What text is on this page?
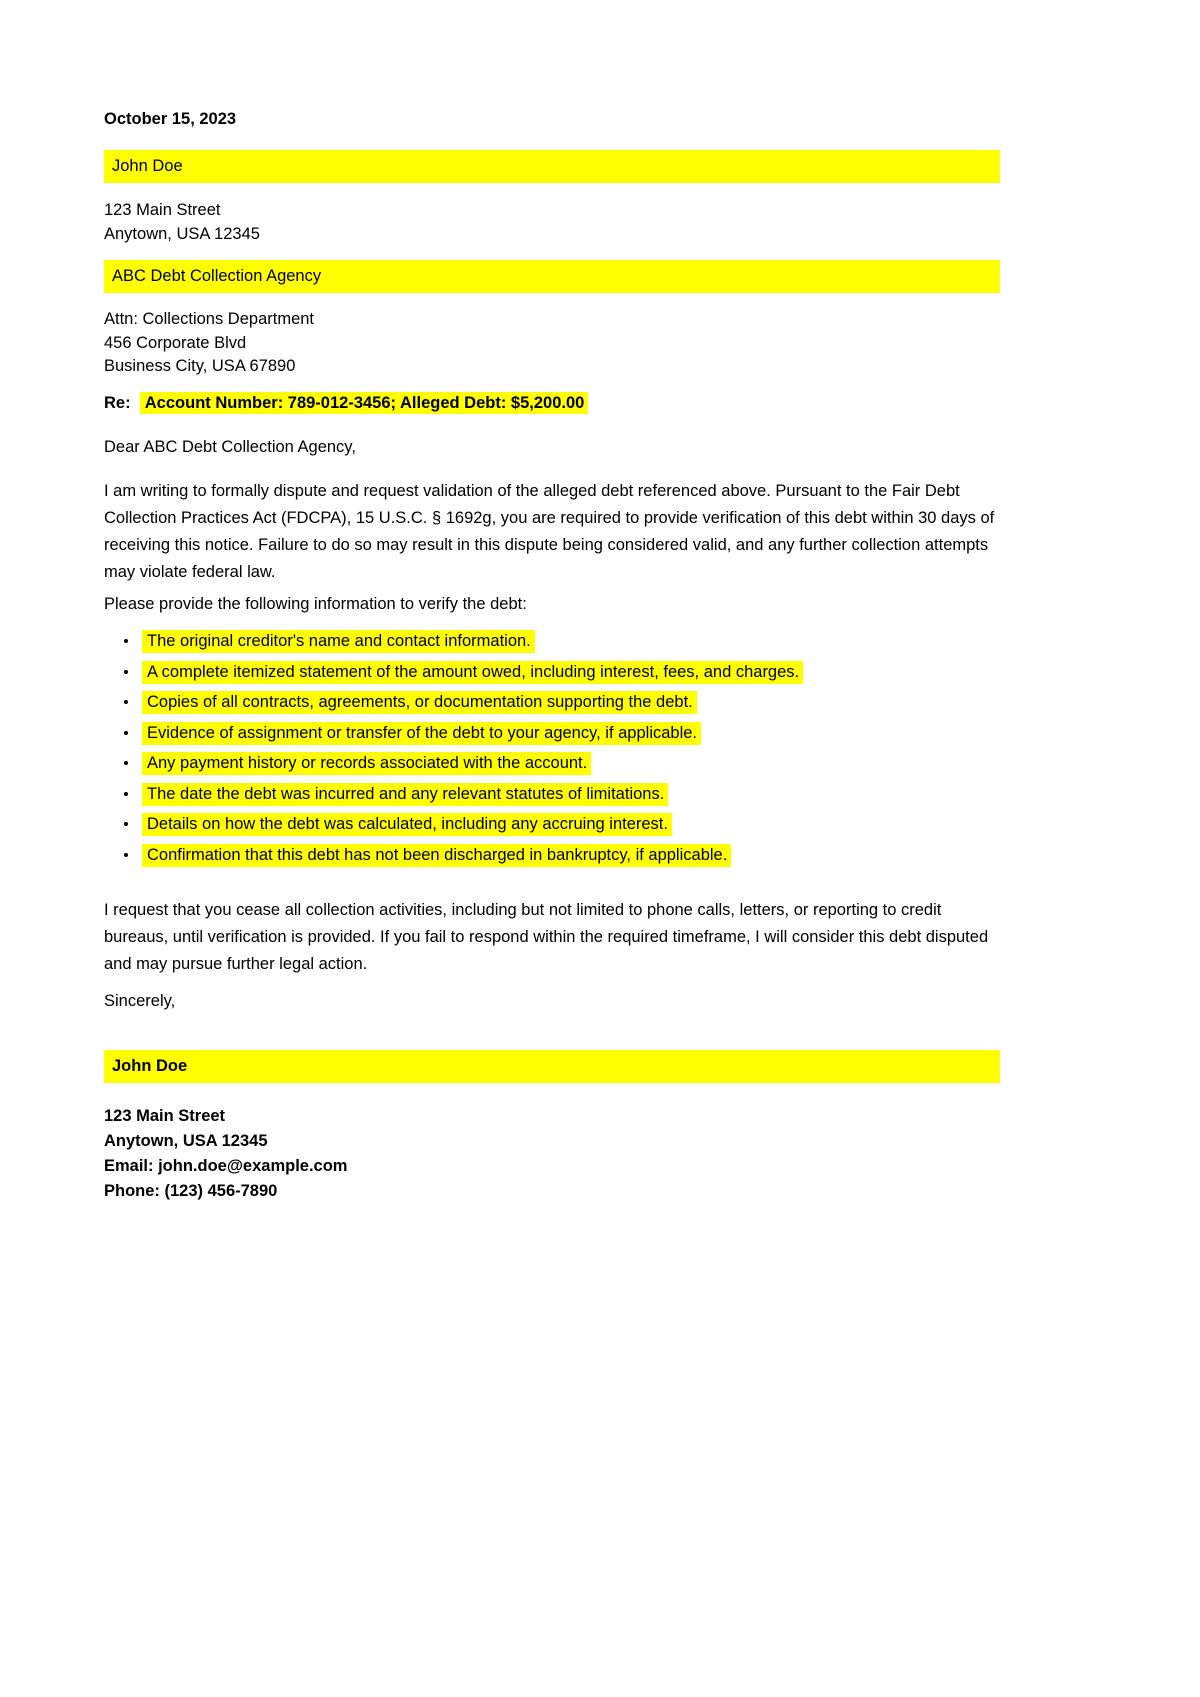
October 15, 2023
John Doe
123 Main Street
Anytown, USA 12345
ABC Debt Collection Agency
Attn: Collections Department
456 Corporate Blvd
Business City, USA 67890
Re: Account Number: 789-012-3456; Alleged Debt: $5,200.00
Dear ABC Debt Collection Agency,
I am writing to formally dispute and request validation of the alleged debt referenced above. Pursuant to the Fair Debt Collection Practices Act (FDCPA), 15 U.S.C. § 1692g, you are required to provide verification of this debt within 30 days of receiving this notice. Failure to do so may result in this dispute being considered valid, and any further collection attempts may violate federal law.
Please provide the following information to verify the debt:
The original creditor's name and contact information.
A complete itemized statement of the amount owed, including interest, fees, and charges.
Copies of all contracts, agreements, or documentation supporting the debt.
Evidence of assignment or transfer of the debt to your agency, if applicable.
Any payment history or records associated with the account.
The date the debt was incurred and any relevant statutes of limitations.
Details on how the debt was calculated, including any accruing interest.
Confirmation that this debt has not been discharged in bankruptcy, if applicable.
I request that you cease all collection activities, including but not limited to phone calls, letters, or reporting to credit bureaus, until verification is provided. If you fail to respond within the required timeframe, I will consider this debt disputed and may pursue further legal action.
Sincerely,
John Doe
123 Main Street
Anytown, USA 12345
Email: john.doe@example.com
Phone: (123) 456-7890
